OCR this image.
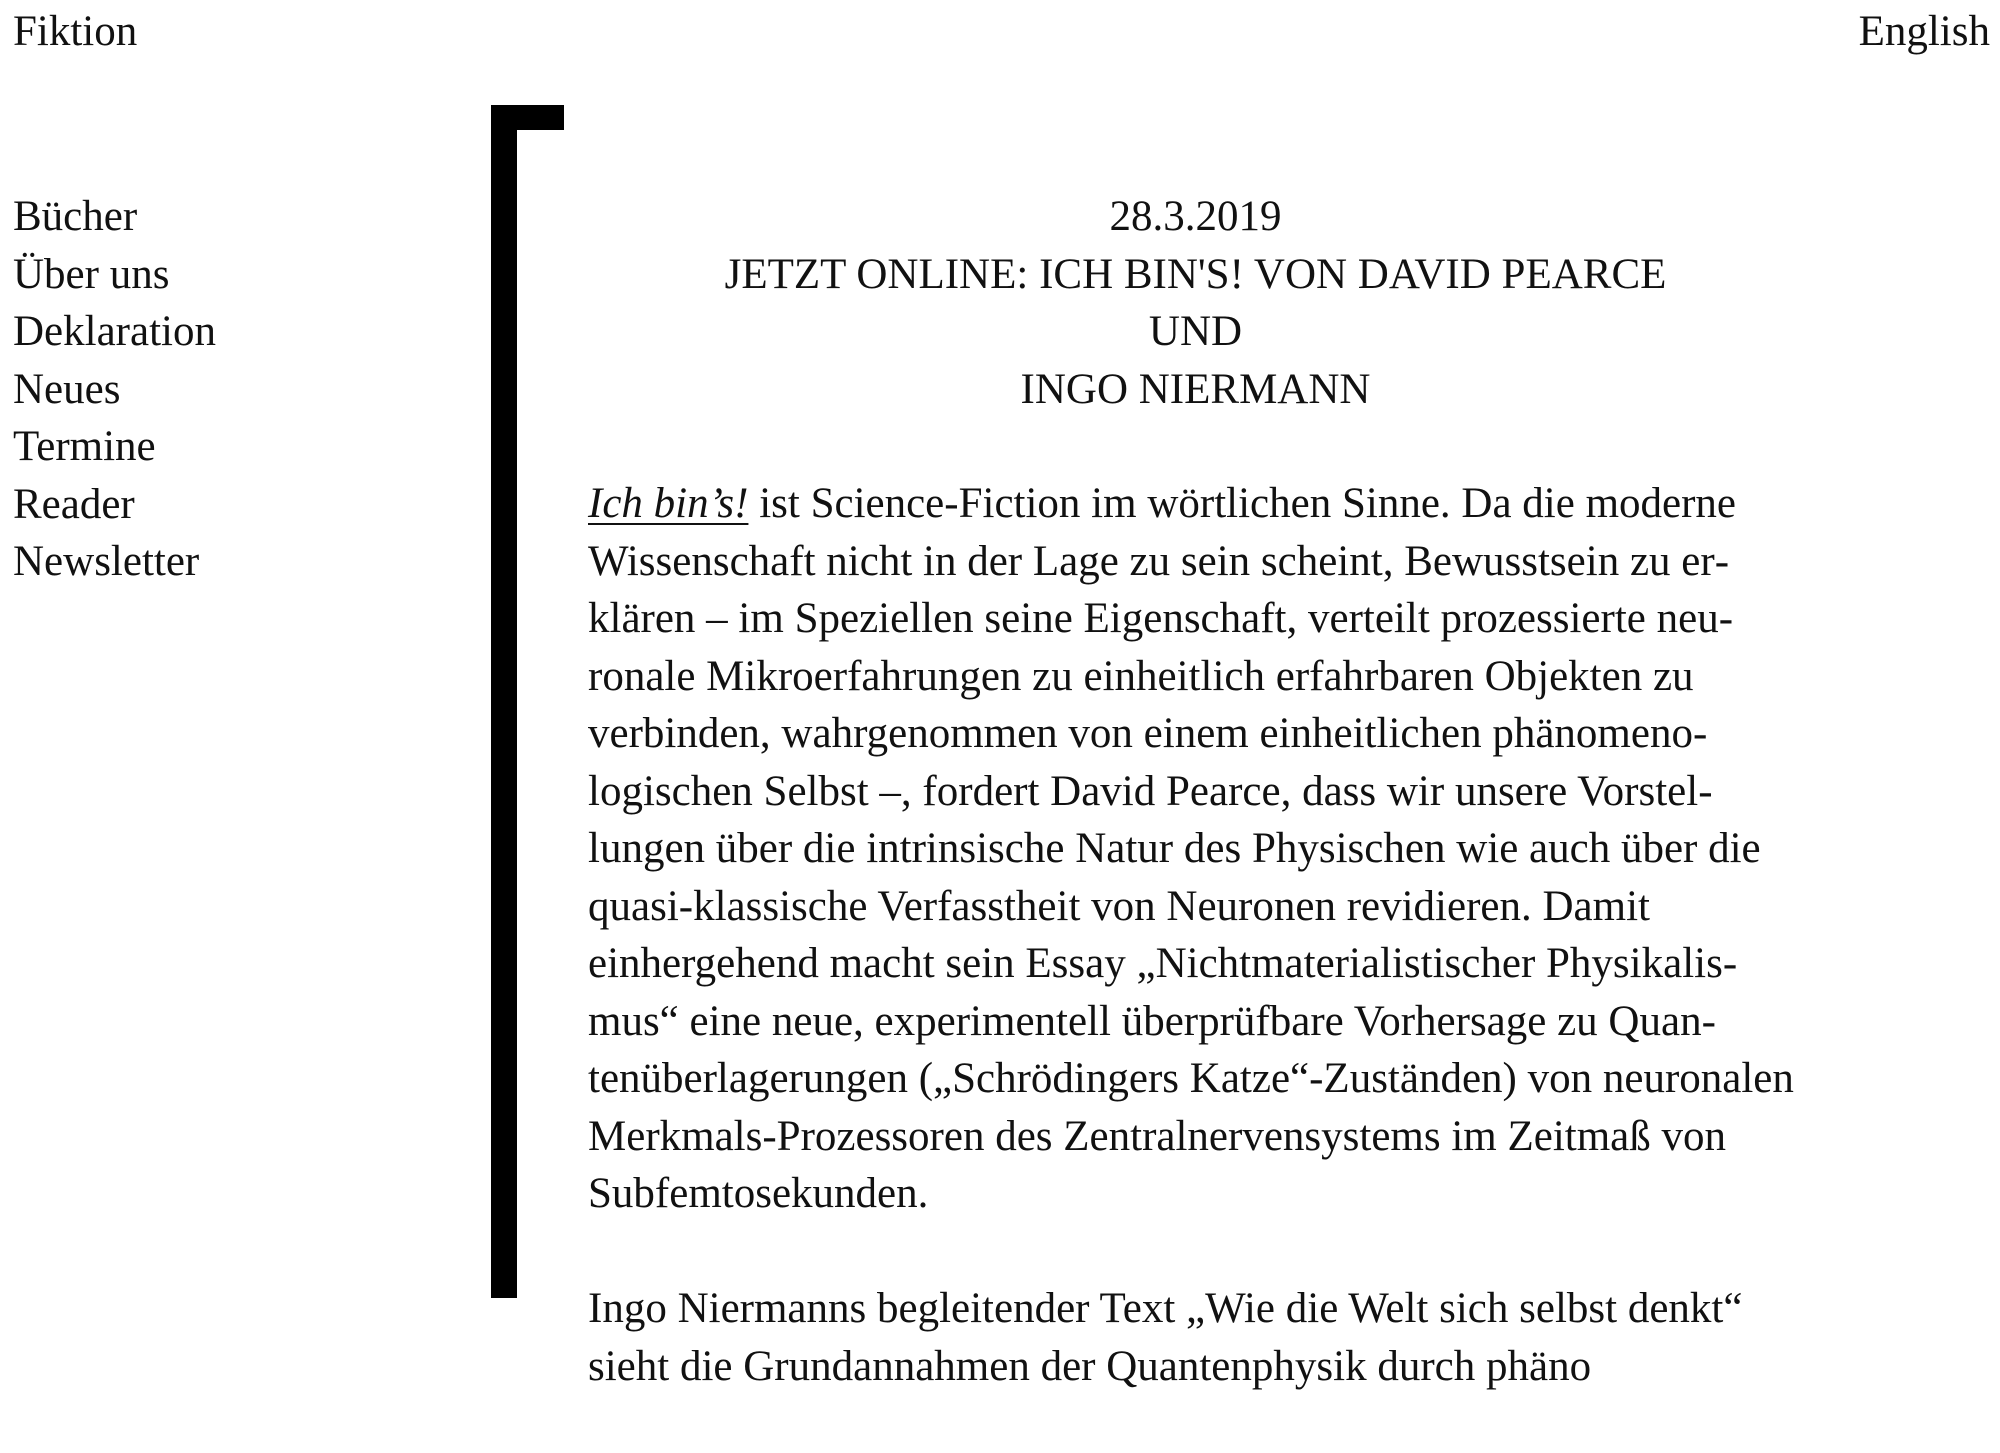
Fiktion	English
Bücher
Über uns
Deklaration
Neues
Termine
Reader
Newsletter
28.3.2019
JETZT ONLINE: ICH BIN'S! VON DAVID PEARCE UND
INGO NIERMANN

Ich bin’s! ist Science-Fiction im wörtlichen Sinne. Da die moderne Wissenschaft nicht in der Lage zu sein scheint, Bewusstsein zu erklären – im Speziellen seine Eigenschaft, verteilt prozessierte neuronale Mikroerfahrungen zu einheitlich erfahrbaren Objekten zu verbinden, wahrgenommen von einem einheitlichen phänomenologischen Selbst –, fordert David Pearce, dass wir unsere Vorstellungen über die intrinsische Natur des Physischen wie auch über die quasi-klassische Verfasstheit von Neuronen revidieren. Damit einhergehend macht sein Essay „Nichtmaterialistischer Physikalismus“ eine neue, experimentell überprüfbare Vorhersage zu Quantenüberlagerungen („Schrödingers Katze“-Zuständen) von neuronalen Merkmals-Prozessoren des Zentralnervensystems im Zeitmaß von Subfemtosekunden.

Ingo Niermanns begleitender Text „Wie die Welt sich selbst denkt“ sieht die Grundannahmen der Quantenphysik durch phäno
